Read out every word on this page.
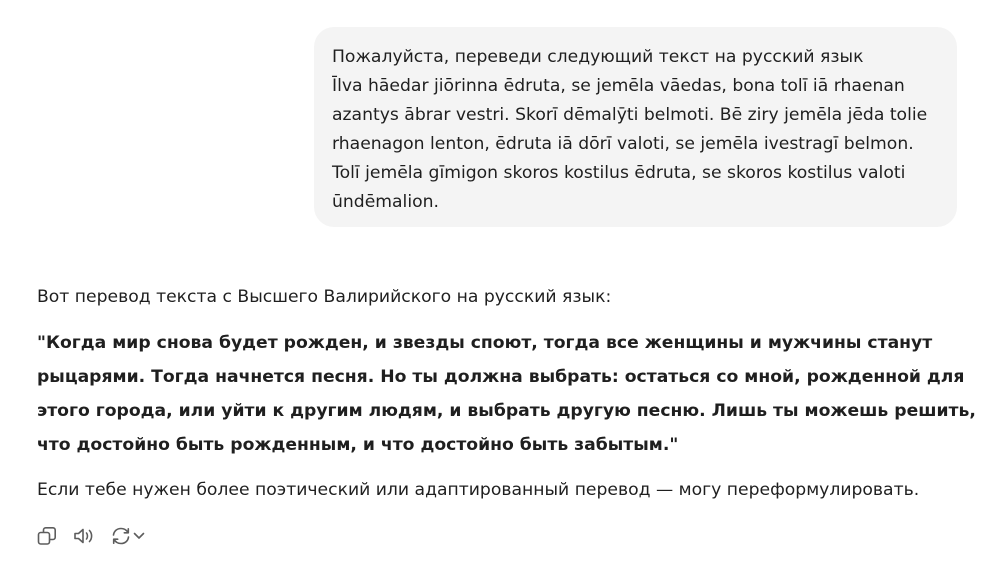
Пожалуйста, переведи следующий текст на русский язык
Īlva hāedar jiōrinna ēdruta, se jemēla vāedas, bona tolī iā rhaenan
azantys ābrar vestri. Skorī dēmalȳti belmoti. Bē ziry jemēla jēda tolie
rhaenagon lenton, ēdruta iā dōrī valoti, se jemēla ivestragī belmon.
Tolī jemēla gīmigon skoros kostilus ēdruta, se skoros kostilus valoti
ūndēmalion.
Вот перевод текста с Высшего Валирийского на русский язык:
"Когда мир снова будет рожден, и звезды споют, тогда все женщины и мужчины станут
рыцарями. Тогда начнется песня. Но ты должна выбрать: остаться со мной, рожденной для
этого города, или уйти к другим людям, и выбрать другую песню. Лишь ты можешь решить,
что достойно быть рожденным, и что достойно быть забытым."
Если тебе нужен более поэтический или адаптированный перевод — могу переформулировать.
